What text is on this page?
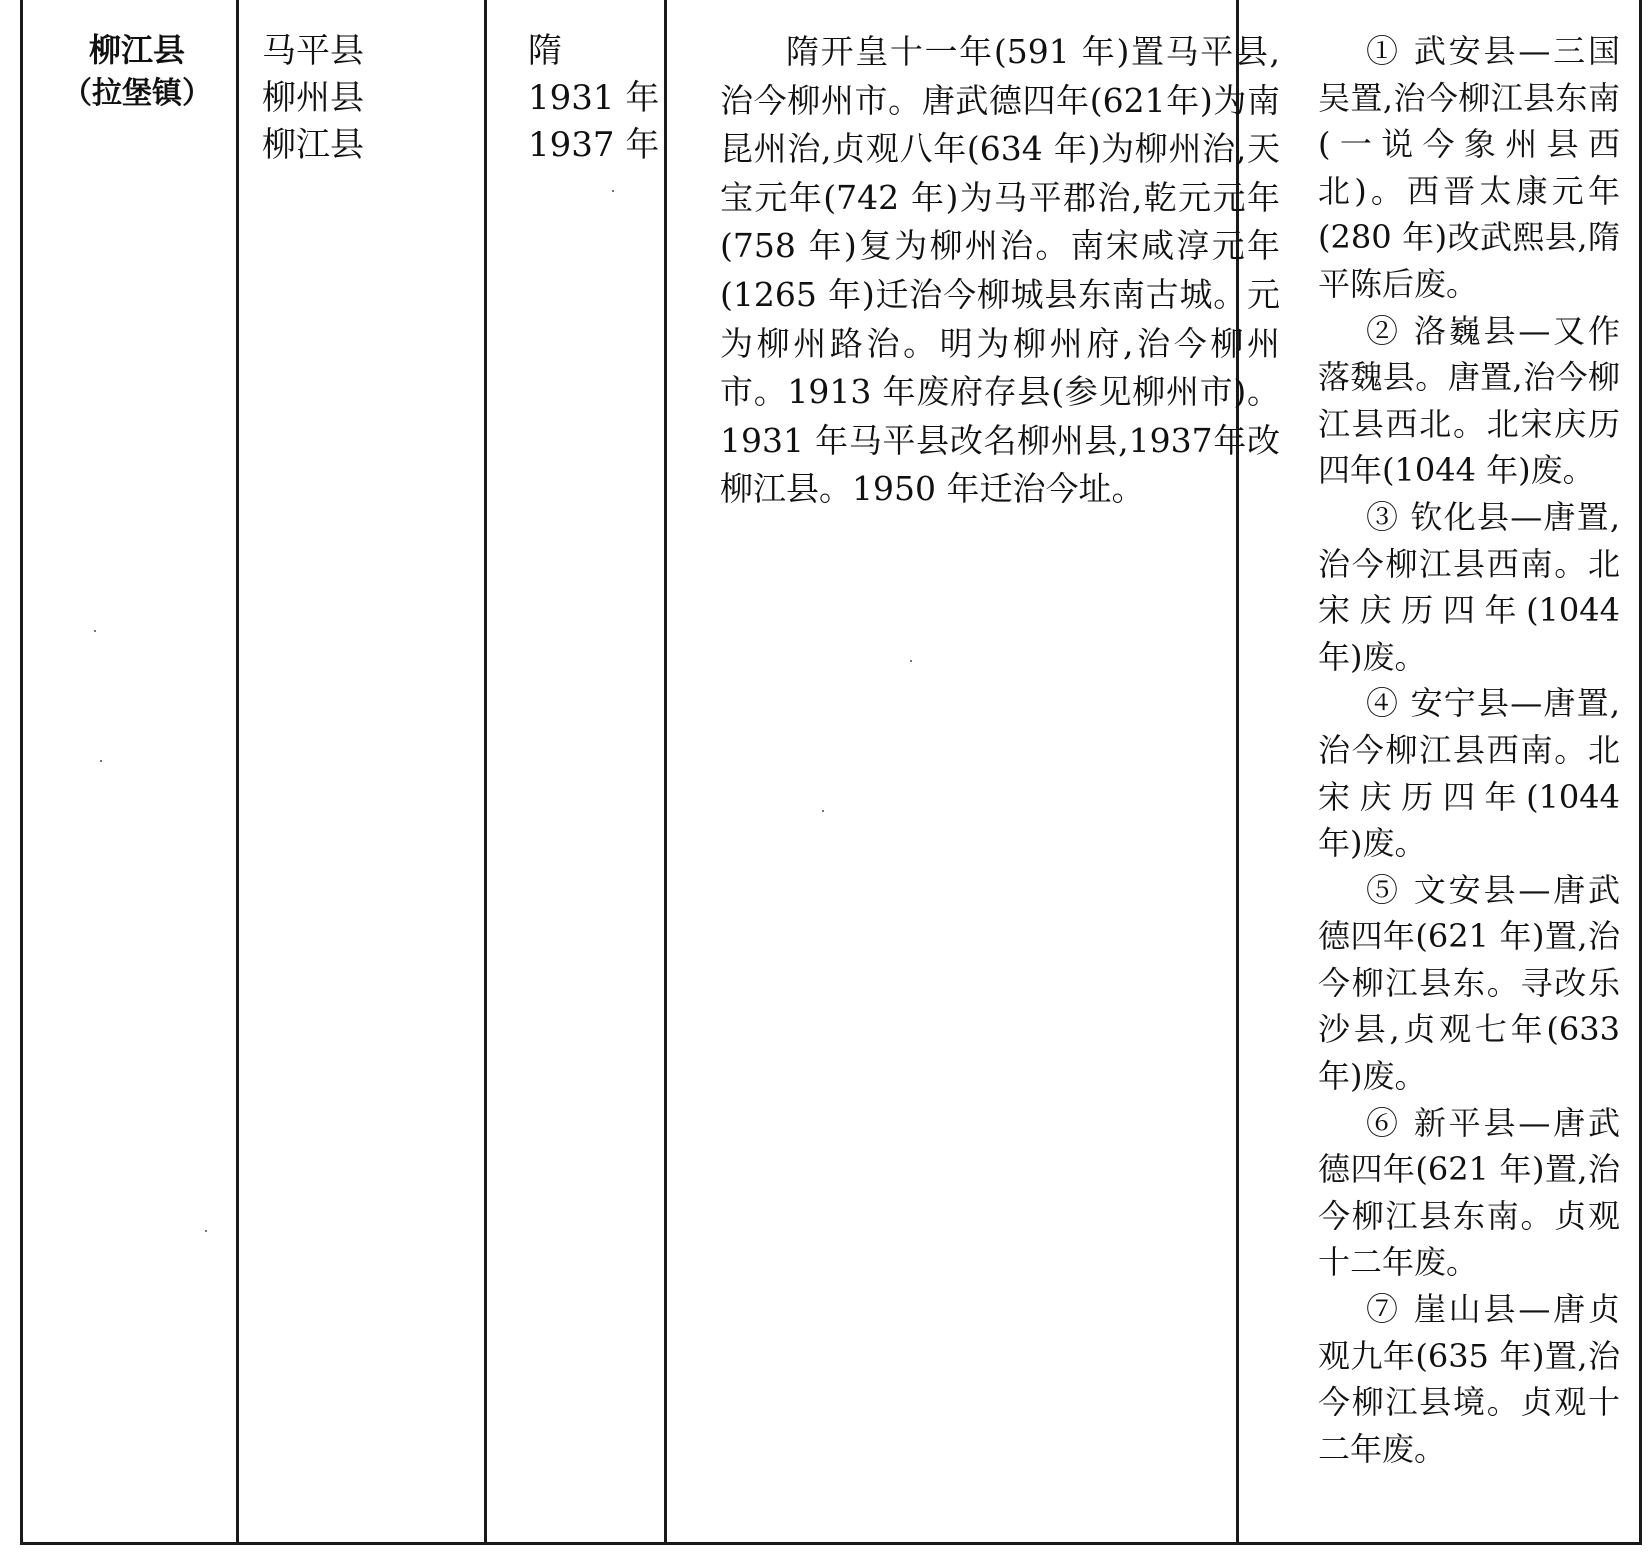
柳江县
（拉堡镇）
马平县
柳州县
柳江县
隋
1931 年
1937 年

隋开皇十一年(591 年)置马平县,治今柳州市。唐武德四年(621年)为南昆州治,贞观八年(634 年)为柳州治,天宝元年(742 年)为马平郡治,乾元元年(758 年)复为柳州治。南宋咸淳元年(1265 年)迁治今柳城县东南古城。元为柳州路治。明为柳州府,治今柳州市。1913 年废府存县(参见柳州市)。1931 年马平县改名柳州县,1937年改柳江县。1950 年迁治今址。

① 武安县—三国吴置,治今柳江县东南(一说今象州县西北)。西晋太康元年(280 年)改武熙县,隋平陈后废。

② 洛巍县—又作落魏县。唐置,治今柳江县西北。北宋庆历四年(1044 年)废。

③ 钦化县—唐置,治今柳江县西南。北宋庆历四年(1044 年)废。

④ 安宁县—唐置,治今柳江县西南。北宋庆历四年(1044 年)废。

⑤ 文安县—唐武德四年(621 年)置,治今柳江县东。寻改乐沙县,贞观七年(633 年)废。

⑥ 新平县—唐武德四年(621 年)置,治今柳江县东南。贞观十二年废。

⑦ 崖山县—唐贞观九年(635 年)置,治今柳江县境。贞观十二年废。
